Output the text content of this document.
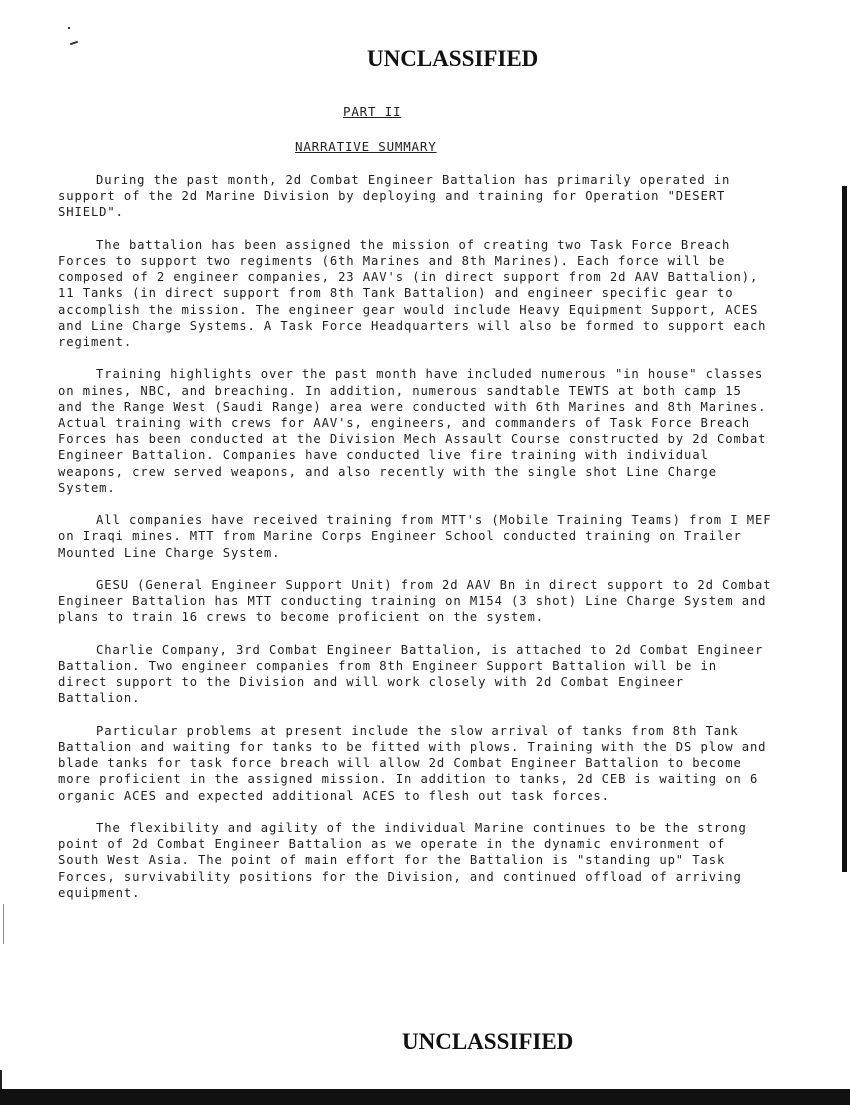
UNCLASSIFIED
PART II
NARRATIVE SUMMARY

During the past month, 2d Combat Engineer Battalion has primarily operated in support of the 2d Marine Division by deploying and training for Operation "DESERT SHIELD".

The battalion has been assigned the mission of creating two Task Force Breach Forces to support two regiments (6th Marines and 8th Marines). Each force will be composed of 2 engineer companies, 23 AAV's (in direct support from 2d AAV Battalion), 11 Tanks (in direct support from 8th Tank Battalion) and engineer specific gear to accomplish the mission. The engineer gear would include Heavy Equipment Support, ACES and Line Charge Systems. A Task Force Headquarters will also be formed to support each regiment.

Training highlights over the past month have included numerous "in house" classes on mines, NBC, and breaching. In addition, numerous sandtable TEWTS at both camp 15 and the Range West (Saudi Range) area were conducted with 6th Marines and 8th Marines. Actual training with crews for AAV's, engineers, and commanders of Task Force Breach Forces has been conducted at the Division Mech Assault Course constructed by 2d Combat Engineer Battalion. Companies have conducted live fire training with individual weapons, crew served weapons, and also recently with the single shot Line Charge System.

All companies have received training from MTT's (Mobile Training Teams) from I MEF on Iraqi mines. MTT from Marine Corps Engineer School conducted training on Trailer Mounted Line Charge System.

GESU (General Engineer Support Unit) from 2d AAV Bn in direct support to 2d Combat Engineer Battalion has MTT conducting training on M154 (3 shot) Line Charge System and plans to train 16 crews to become proficient on the system.

Charlie Company, 3rd Combat Engineer Battalion, is attached to 2d Combat Engineer Battalion. Two engineer companies from 8th Engineer Support Battalion will be in direct support to the Division and will work closely with 2d Combat Engineer Battalion.

Particular problems at present include the slow arrival of tanks from 8th Tank Battalion and waiting for tanks to be fitted with plows. Training with the DS plow and blade tanks for task force breach will allow 2d Combat Engineer Battalion to become more proficient in the assigned mission. In addition to tanks, 2d CEB is waiting on 6 organic ACES and expected additional ACES to flesh out task forces.

The flexibility and agility of the individual Marine continues to be the strong point of 2d Combat Engineer Battalion as we operate in the dynamic environment of South West Asia. The point of main effort for the Battalion is "standing up" Task Forces, survivability positions for the Division, and continued offload of arriving equipment.

UNCLASSIFIED
